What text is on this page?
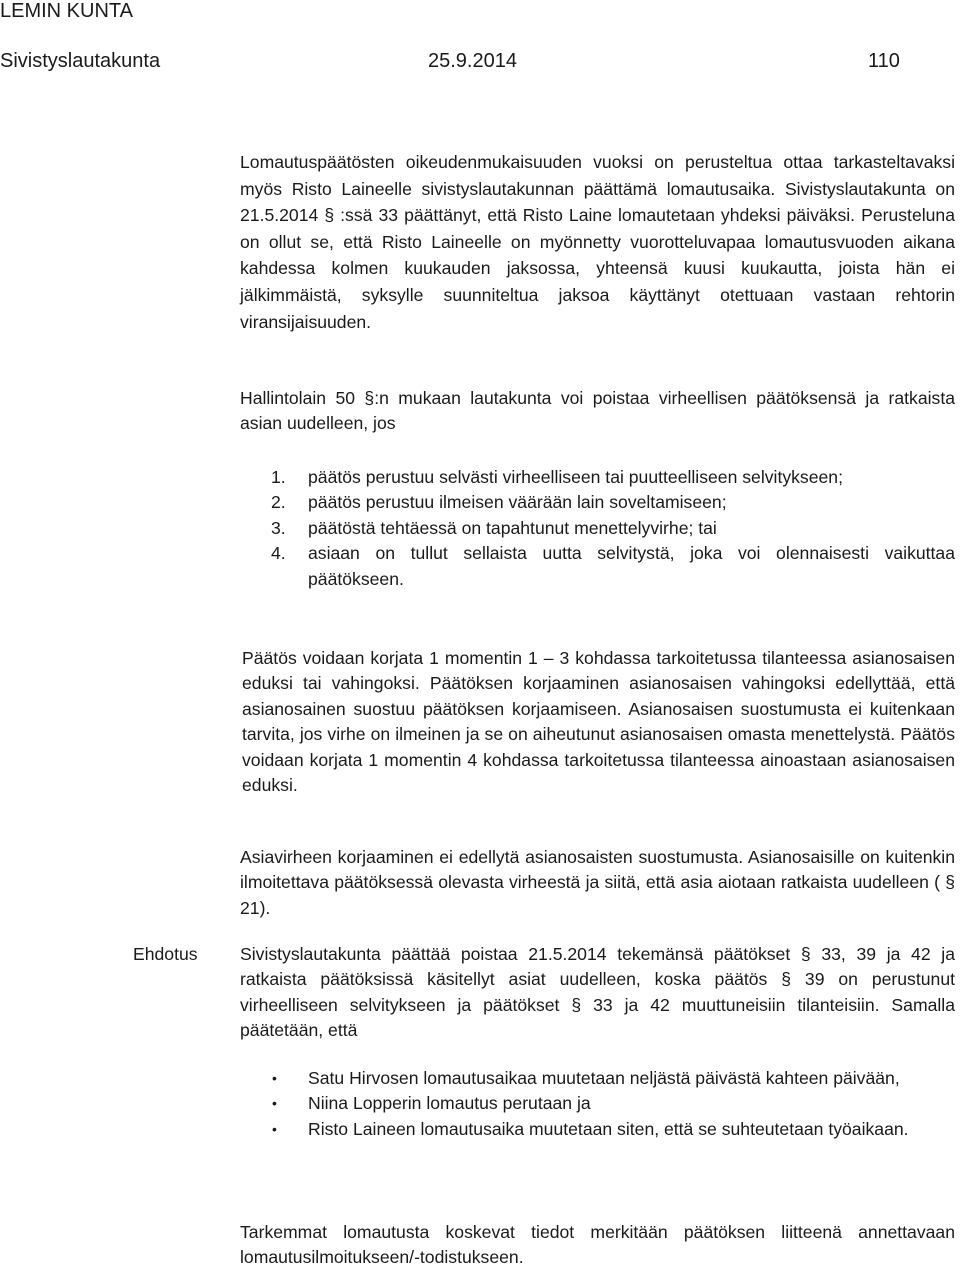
LEMIN KUNTA
Sivistyslautakunta	25.9.2014	110
Lomautuspäätösten oikeudenmukaisuuden vuoksi on perusteltua ottaa tarkasteltavaksi myös Risto Laineelle sivistyslautakunnan päättämä lomautusaika. Sivistyslautakunta on 21.5.2014 § :ssä 33 päättänyt, että Risto Laine lomautetaan yhdeksi päiväksi. Perusteluna on ollut se, että Risto Laineelle on myönnetty vuorotteluvapaa lomautusvuoden aikana kahdessa kolmen kuukauden jaksossa, yhteensä kuusi kuukautta, joista hän ei jälkimmäistä, syksylle suunniteltua jaksoa käyttänyt otettuaan vastaan rehtorin viransijaisuuden.
Hallintolain 50 §:n mukaan lautakunta voi poistaa virheellisen päätöksensä ja ratkaista asian uudelleen, jos
1. päätös perustuu selvästi virheelliseen tai puutteelliseen selvitykseen;
2. päätös perustuu ilmeisen väärään lain soveltamiseen;
3. päätöstä tehtäessä on tapahtunut menettelyvirhe; tai
4. asiaan on tullut sellaista uutta selvitystä, joka voi olennaisesti vaikuttaa päätökseen.
Päätös voidaan korjata 1 momentin 1 – 3 kohdassa tarkoitetussa tilanteessa asianosaisen eduksi tai vahingoksi. Päätöksen korjaaminen asianosaisen vahingoksi edellyttää, että asianosainen suostuu päätöksen korjaamiseen. Asianosaisen suostumusta ei kuitenkaan tarvita, jos virhe on ilmeinen ja se on aiheutunut asianosaisen omasta menettelystä. Päätös voidaan korjata 1 momentin 4 kohdassa tarkoitetussa tilanteessa ainoastaan asianosaisen eduksi.
Asiavirheen korjaaminen ei edellytä asianosaisten suostumusta. Asianosaisille on kuitenkin ilmoitettava päätöksessä olevasta virheestä ja siitä, että asia aiotaan ratkaista uudelleen ( § 21).
Ehdotus Sivistyslautakunta päättää poistaa 21.5.2014 tekemänsä päätökset § 33, 39 ja 42 ja ratkaista päätöksissä käsitellyt asiat uudelleen, koska päätös § 39 on perustunut virheelliseen selvitykseen ja päätökset § 33 ja 42 muuttuneisiin tilanteisiin. Samalla päätetään, että
• Satu Hirvosen lomautusaikaa muutetaan neljästä päivästä kahteen päivään,
• Niina Lopperin lomautus perutaan ja
• Risto Laineen lomautusaika muutetaan siten, että se suhteutetaan työaikaan.
Tarkemmat lomautusta koskevat tiedot merkitään päätöksen liitteenä annettavaan lomautusilmoitukseen/-todistukseen.
